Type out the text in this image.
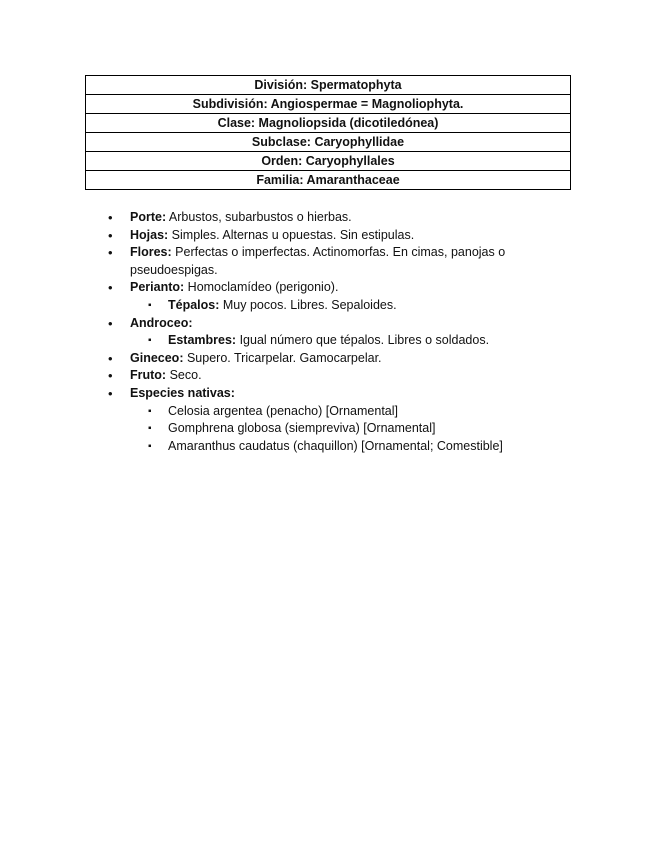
División: Spermatophyta
Subdivisión: Angiospermae = Magnoliophyta.
Clase: Magnoliopsida (dicotiledónea)
Subclase: Caryophyllidae
Orden: Caryophyllales
Familia: Amaranthaceae
• Porte: Arbustos, subarbustos o hierbas.
• Hojas: Simples. Alternas u opuestas. Sin estipulas.
• Flores: Perfectas o imperfectas. Actinomorfas. En cimas, panojas o pseudoespigas.
• Perianto: Homoclamídeo (perigonio).
▪ Tépalos: Muy pocos. Libres. Sepaloides.
• Androceo:
▪ Estambres: Igual número que tépalos. Libres o soldados.
• Gineceo: Supero. Tricarpelar. Gamocarpelar.
• Fruto: Seco.
• Especies nativas:
▪ Celosia argentea (penacho) [Ornamental]
▪ Gomphrena globosa (siempreviva) [Ornamental]
▪ Amaranthus caudatus (chaquillon) [Ornamental; Comestible]
